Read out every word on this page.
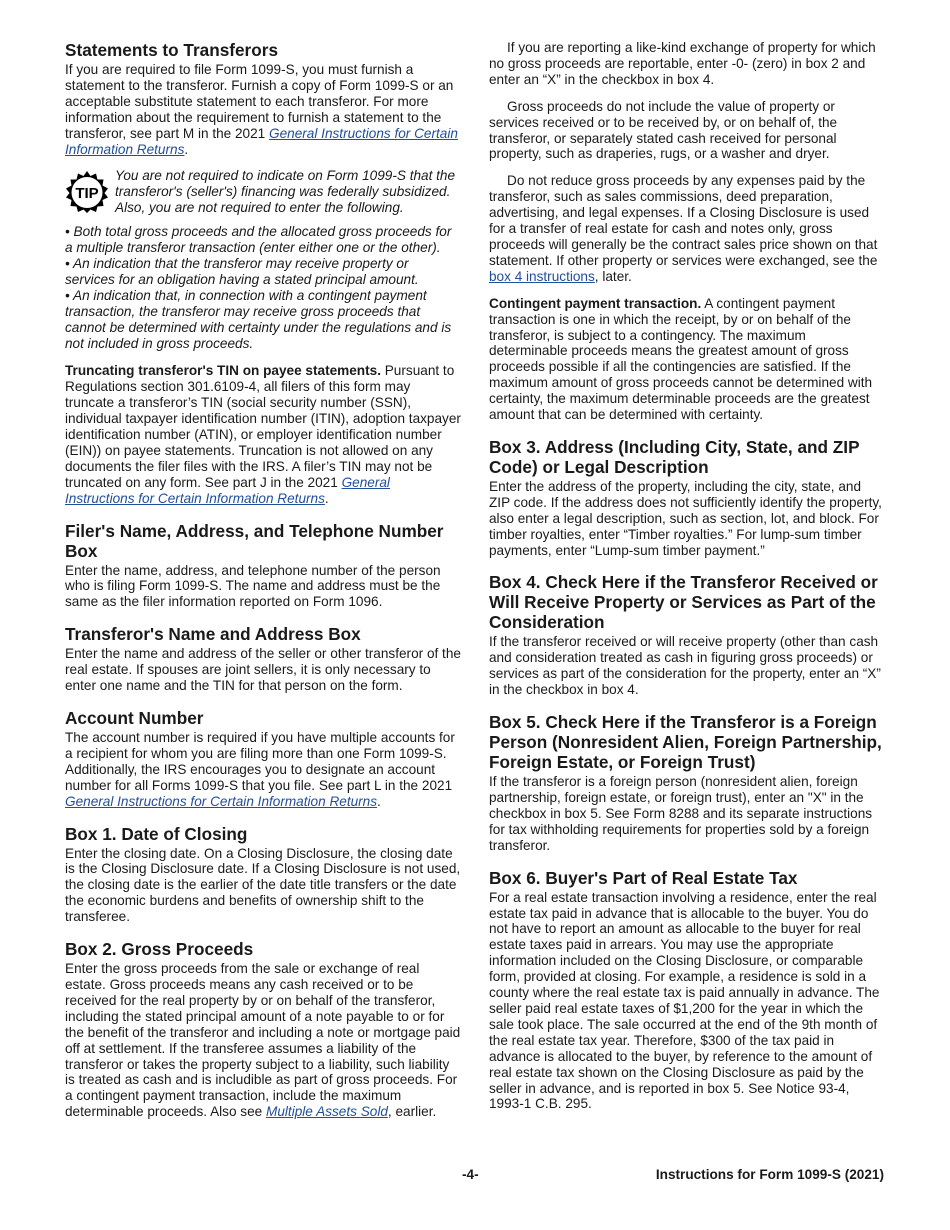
Statements to Transferors

If you are required to file Form 1099-S, you must furnish a statement to the transferor. Furnish a copy of Form 1099-S or an acceptable substitute statement to each transferor. For more information about the requirement to furnish a statement to the transferor, see part M in the 2021 General Instructions for Certain Information Returns.

TIP
You are not required to indicate on Form 1099-S that the transferor's (seller's) financing was federally subsidized. Also, you are not required to enter the following.
• Both total gross proceeds and the allocated gross proceeds for a multiple transferor transaction (enter either one or the other).
• An indication that the transferor may receive property or services for an obligation having a stated principal amount.
• An indication that, in connection with a contingent payment transaction, the transferor may receive gross proceeds that cannot be determined with certainty under the regulations and is not included in gross proceeds.

Truncating transferor's TIN on payee statements. Pursuant to Regulations section 301.6109-4, all filers of this form may truncate a transferor’s TIN (social security number (SSN), individual taxpayer identification number (ITIN), adoption taxpayer identification number (ATIN), or employer identification number (EIN)) on payee statements. Truncation is not allowed on any documents the filer files with the IRS. A filer’s TIN may not be truncated on any form. See part J in the 2021 General Instructions for Certain Information Returns.

Filer's Name, Address, and Telephone Number Box

Enter the name, address, and telephone number of the person who is filing Form 1099-S. The name and address must be the same as the filer information reported on Form 1096.

Transferor's Name and Address Box

Enter the name and address of the seller or other transferor of the real estate. If spouses are joint sellers, it is only necessary to enter one name and the TIN for that person on the form.

Account Number

The account number is required if you have multiple accounts for a recipient for whom you are filing more than one Form 1099-S. Additionally, the IRS encourages you to designate an account number for all Forms 1099-S that you file. See part L in the 2021 General Instructions for Certain Information Returns.

Box 1. Date of Closing

Enter the closing date. On a Closing Disclosure, the closing date is the Closing Disclosure date. If a Closing Disclosure is not used, the closing date is the earlier of the date title transfers or the date the economic burdens and benefits of ownership shift to the transferee.

Box 2. Gross Proceeds

Enter the gross proceeds from the sale or exchange of real estate. Gross proceeds means any cash received or to be received for the real property by or on behalf of the transferor, including the stated principal amount of a note payable to or for the benefit of the transferor and including a note or mortgage paid off at settlement. If the transferee assumes a liability of the transferor or takes the property subject to a liability, such liability is treated as cash and is includible as part of gross proceeds. For a contingent payment transaction, include the maximum determinable proceeds. Also see Multiple Assets Sold, earlier.

If you are reporting a like-kind exchange of property for which no gross proceeds are reportable, enter -0- (zero) in box 2 and enter an “X” in the checkbox in box 4.

Gross proceeds do not include the value of property or services received or to be received by, or on behalf of, the transferor, or separately stated cash received for personal property, such as draperies, rugs, or a washer and dryer.

Do not reduce gross proceeds by any expenses paid by the transferor, such as sales commissions, deed preparation, advertising, and legal expenses. If a Closing Disclosure is used for a transfer of real estate for cash and notes only, gross proceeds will generally be the contract sales price shown on that statement. If other property or services were exchanged, see the box 4 instructions, later.

Contingent payment transaction. A contingent payment transaction is one in which the receipt, by or on behalf of the transferor, is subject to a contingency. The maximum determinable proceeds means the greatest amount of gross proceeds possible if all the contingencies are satisfied. If the maximum amount of gross proceeds cannot be determined with certainty, the maximum determinable proceeds are the greatest amount that can be determined with certainty.

Box 3. Address (Including City, State, and ZIP Code) or Legal Description

Enter the address of the property, including the city, state, and ZIP code. If the address does not sufficiently identify the property, also enter a legal description, such as section, lot, and block. For timber royalties, enter “Timber royalties.” For lump-sum timber payments, enter “Lump-sum timber payment.”

Box 4. Check Here if the Transferor Received or Will Receive Property or Services as Part of the Consideration

If the transferor received or will receive property (other than cash and consideration treated as cash in figuring gross proceeds) or services as part of the consideration for the property, enter an “X” in the checkbox in box 4.

Box 5. Check Here if the Transferor is a Foreign Person (Nonresident Alien, Foreign Partnership, Foreign Estate, or Foreign Trust)

If the transferor is a foreign person (nonresident alien, foreign partnership, foreign estate, or foreign trust), enter an "X" in the checkbox in box 5. See Form 8288 and its separate instructions for tax withholding requirements for properties sold by a foreign transferor.

Box 6. Buyer's Part of Real Estate Tax

For a real estate transaction involving a residence, enter the real estate tax paid in advance that is allocable to the buyer. You do not have to report an amount as allocable to the buyer for real estate taxes paid in arrears. You may use the appropriate information included on the Closing Disclosure, or comparable form, provided at closing. For example, a residence is sold in a county where the real estate tax is paid annually in advance. The seller paid real estate taxes of $1,200 for the year in which the sale took place. The sale occurred at the end of the 9th month of the real estate tax year. Therefore, $300 of the tax paid in advance is allocated to the buyer, by reference to the amount of real estate tax shown on the Closing Disclosure as paid by the seller in advance, and is reported in box 5. See Notice 93-4, 1993-1 C.B. 295.

-4-	Instructions for Form 1099-S (2021)
